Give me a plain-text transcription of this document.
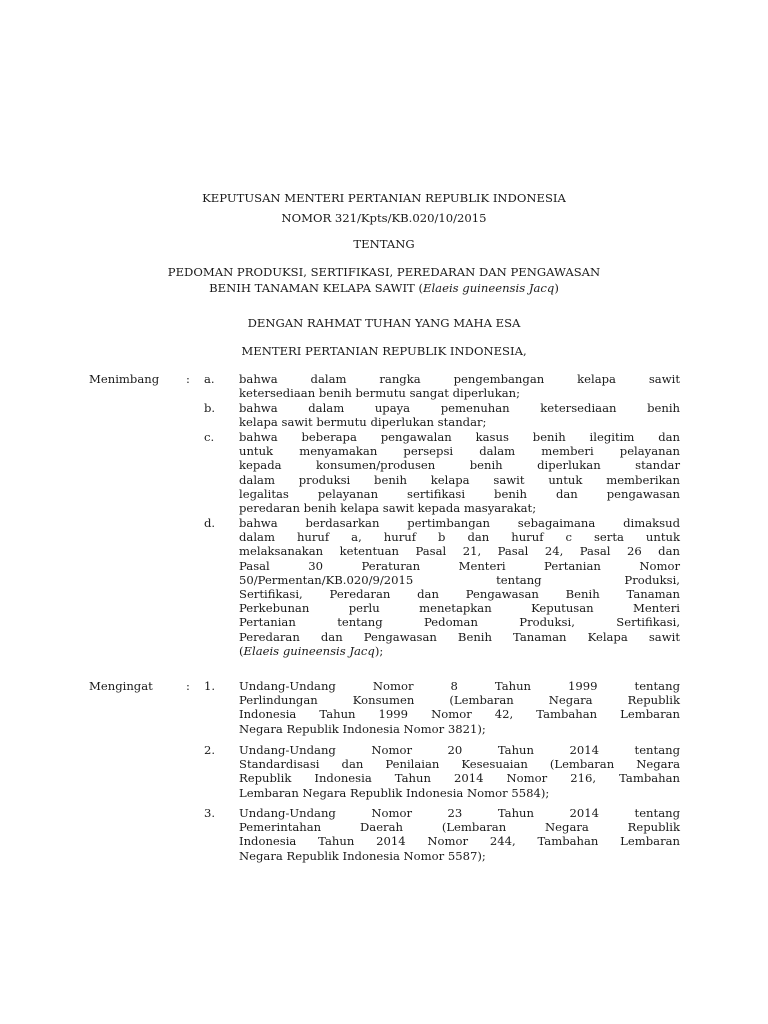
KEPUTUSAN MENTERI PERTANIAN REPUBLIK INDONESIA
NOMOR 321/Kpts/KB.020/10/2015
TENTANG
PEDOMAN PRODUKSI, SERTIFIKASI, PEREDARAN DAN PENGAWASAN
BENIH TANAMAN KELAPA SAWIT (Elaeis guineensis Jacq)
DENGAN RAHMAT TUHAN YANG MAHA ESA
MENTERI PERTANIAN REPUBLIK INDONESIA,
Menimbang : a. bahwa dalam rangka pengembangan kelapa sawit
ketersediaan benih bermutu sangat diperlukan;
b. bahwa dalam upaya pemenuhan ketersediaan benih
kelapa sawit bermutu diperlukan standar;
c. bahwa beberapa pengawalan kasus benih ilegitim dan
untuk menyamakan persepsi dalam memberi pelayanan
kepada konsumen/produsen benih diperlukan standar
dalam produksi benih kelapa sawit untuk memberikan
legalitas pelayanan sertifikasi benih dan pengawasan
peredaran benih kelapa sawit kepada masyarakat;
d. bahwa berdasarkan pertimbangan sebagaimana dimaksud
dalam huruf a, huruf b dan huruf c serta untuk
melaksanakan ketentuan Pasal 21, Pasal 24, Pasal 26 dan
Pasal 30 Peraturan Menteri Pertanian Nomor
50/Permentan/KB.020/9/2015 tentang Produksi,
Sertifikasi, Peredaran dan Pengawasan Benih Tanaman
Perkebunan perlu menetapkan Keputusan Menteri
Pertanian tentang Pedoman Produksi, Sertifikasi,
Peredaran dan Pengawasan Benih Tanaman Kelapa sawit
(Elaeis guineensis Jacq);
Mengingat	: 1. Undang-Undang Nomor 8 Tahun 1999 tentang
Perlindungan Konsumen (Lembaran Negara Republik
Indonesia Tahun 1999 Nomor 42, Tambahan Lembaran
Negara Republik Indonesia Nomor 3821);
2. Undang-Undang Nomor 20 Tahun 2014 tentang
Standardisasi dan Penilaian Kesesuaian (Lembaran Negara
Republik Indonesia Tahun 2014 Nomor 216, Tambahan
Lembaran Negara Republik Indonesia Nomor 5584);
3. Undang-Undang Nomor 23 Tahun 2014 tentang
Pemerintahan Daerah (Lembaran Negara Republik
Indonesia Tahun 2014 Nomor 244, Tambahan Lembaran
Negara Republik Indonesia Nomor 5587);
